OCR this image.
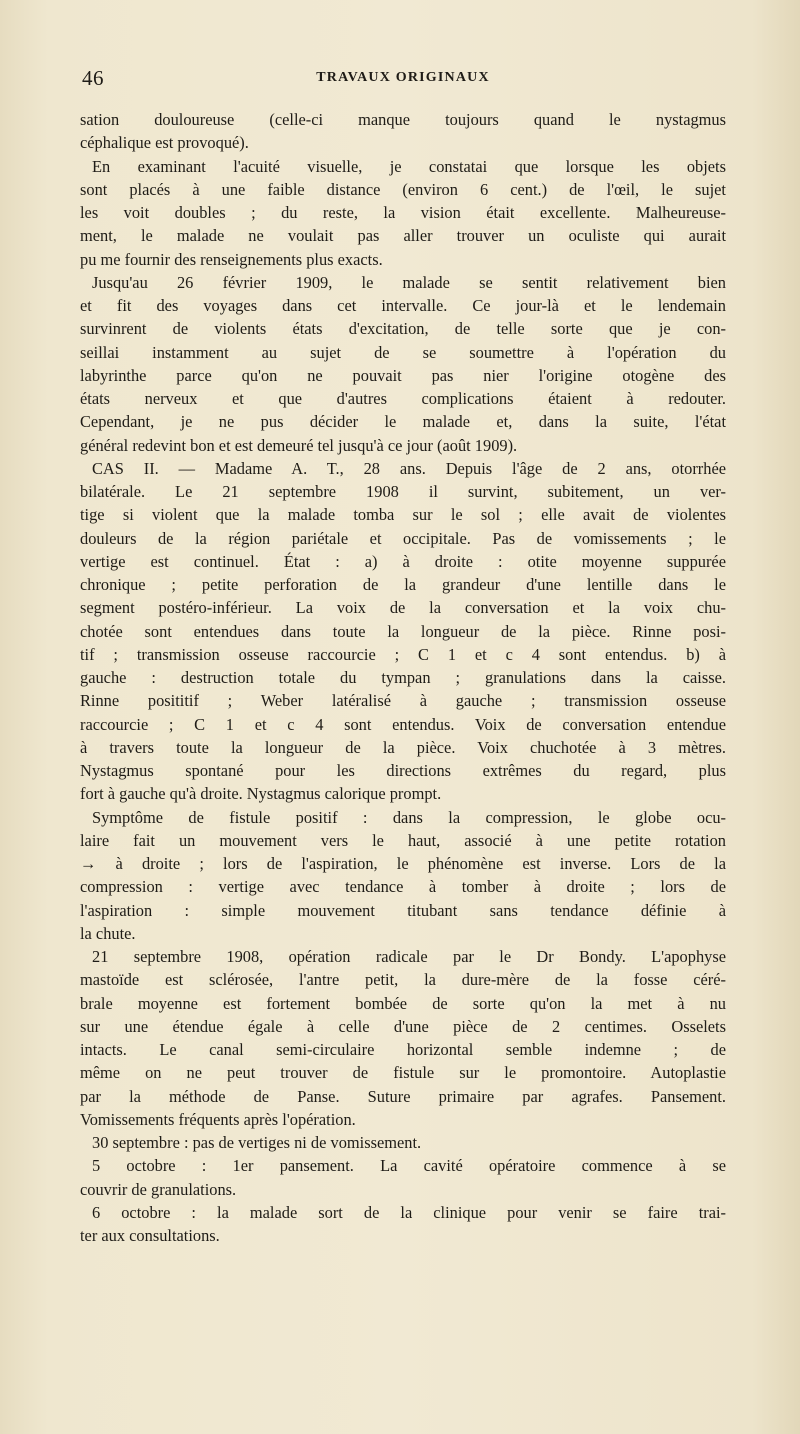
46	TRAVAUX ORIGINAUX
sation douloureuse (celle-ci manque toujours quand le nystagmus
céphalique est provoqué).
En examinant l'acuité visuelle, je constatai que lorsque les objets
sont placés à une faible distance (environ 6 cent.) de l'œil, le sujet
les voit doubles ; du reste, la vision était excellente. Malheureuse-
ment, le malade ne voulait pas aller trouver un oculiste qui aurait
pu me fournir des renseignements plus exacts.
Jusqu'au 26 février 1909, le malade se sentit relativement bien
et fit des voyages dans cet intervalle. Ce jour-là et le lendemain
survinrent de violents états d'excitation, de telle sorte que je con-
seillai instamment au sujet de se soumettre à l'opération du
labyrinthe parce qu'on ne pouvait pas nier l'origine otogène des
états nerveux et que d'autres complications étaient à redouter.
Cependant, je ne pus décider le malade et, dans la suite, l'état
général redevint bon et est demeuré tel jusqu'à ce jour (août 1909).
CAS II. — Madame A. T., 28 ans. Depuis l'âge de 2 ans, otorrhée
bilatérale. Le 21 septembre 1908 il survint, subitement, un ver-
tige si violent que la malade tomba sur le sol ; elle avait de violentes
douleurs de la région pariétale et occipitale. Pas de vomissements ; le
vertige est continuel. État : a) à droite : otite moyenne suppurée
chronique ; petite perforation de la grandeur d'une lentille dans le
segment postéro-inférieur. La voix de la conversation et la voix chu-
chotée sont entendues dans toute la longueur de la pièce. Rinne posi-
tif ; transmission osseuse raccourcie ; C 1 et c 4 sont entendus. b) à
gauche : destruction totale du tympan ; granulations dans la caisse.
Rinne posititif ; Weber latéralisé à gauche ; transmission osseuse
raccourcie ; C 1 et c 4 sont entendus. Voix de conversation entendue
à travers toute la longueur de la pièce. Voix chuchotée à 3 mètres.
Nystagmus spontané pour les directions extrêmes du regard, plus
fort à gauche qu'à droite. Nystagmus calorique prompt.
Symptôme de fistule positif : dans la compression, le globe ocu-
laire fait un mouvement vers le haut, associé à une petite rotation
→ à droite ; lors de l'aspiration, le phénomène est inverse. Lors de la
compression : vertige avec tendance à tomber à droite ; lors de
l'aspiration : simple mouvement titubant sans tendance définie à
la chute.
21 septembre 1908, opération radicale par le Dr Bondy. L'apophyse
mastoïde est sclérosée, l'antre petit, la dure-mère de la fosse céré-
brale moyenne est fortement bombée de sorte qu'on la met à nu
sur une étendue égale à celle d'une pièce de 2 centimes. Osselets
intacts. Le canal semi-circulaire horizontal semble indemne ; de
même on ne peut trouver de fistule sur le promontoire. Autoplastie
par la méthode de Panse. Suture primaire par agrafes. Pansement.
Vomissements fréquents après l'opération.
30 septembre : pas de vertiges ni de vomissement.
5 octobre : 1er pansement. La cavité opératoire commence à se
couvrir de granulations.
6 octobre : la malade sort de la clinique pour venir se faire trai-
ter aux consultations.
